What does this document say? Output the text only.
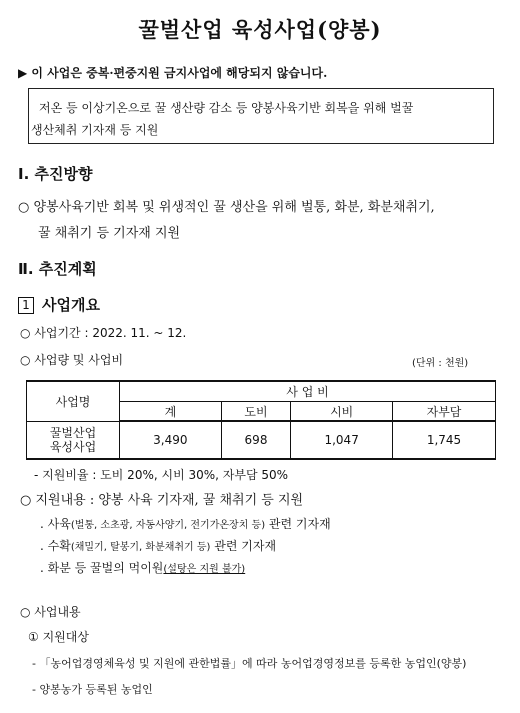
꿀벌산업 육성사업(양봉)
▶ 이 사업은 중복·편중지원 금지사업에 해당되지 않습니다.
저온 등 이상기온으로 꿀 생산량 감소 등 양봉사육기반 회복을 위해 벌꿀
생산체취 기자재 등 지원
Ⅰ. 추진방향
○ 양봉사육기반 회복 및 위생적인 꿀 생산을 위해 벌통, 화분, 화분채취기,
꿀 채취기 등 기자재 지원
Ⅱ. 추진계획
1 사업개요
○ 사업기간 : 2022. 11. ~ 12.
○ 사업량 및 사업비	(단위 : 천원)
사업명	사 업 비			
	계	도비	시비	자부담

꿀벌산업
육성사업	3,490	698	1,047	1,745
- 지원비율 : 도비 20%, 시비 30%, 자부담 50%
○ 지원내용 : 양봉 사육 기자재, 꿀 채취기 등 지원
. 사육(벌통, 소초광, 자동사양기, 전기가온장치 등) 관련 기자재
. 수확(채밀기, 탈봉기, 화분채취기 등) 관련 기자재
. 화분 등 꿀벌의 먹이원(설탕은 지원 불가)
○ 사업내용
① 지원대상
- 「농어업경영체육성 및 지원에 관한법률」에 따라 농어업경영정보를 등록한 농업인(양봉)
- 양봉농가 등록된 농업인
